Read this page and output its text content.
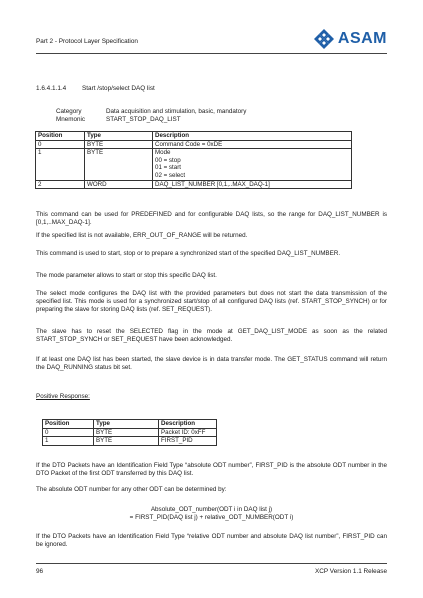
Part 2 - Protocol Layer Specification	ASAM
1.6.4.1.1.4 Start /stop/select DAQ list
Category	Data acquisition and stimulation, basic, mandatory
Mnemonic	START_STOP_DAQ_LIST
Position	Type	Description
0	BYTE	Command Code = 0xDE
1	BYTE	Mode
00 = stop
01 = start
02 = select

2	WORD	DAQ_LIST_NUMBER [0,1,..MAX_DAQ-1]
This command can be used for PREDEFINED and for configurable DAQ lists, so the range for DAQ_LIST_NUMBER is [0,1,..MAX_DAQ-1].
If the specified list is not available, ERR_OUT_OF_RANGE will be returned.
This command is used to start, stop or to prepare a synchronized start of the specified DAQ_LIST_NUMBER.
The mode parameter allows to start or stop this specific DAQ list.
The select mode configures the DAQ list with the provided parameters but does not start the data transmission of the specified list. This mode is used for a synchronized start/stop of all configured DAQ lists (ref. START_STOP_SYNCH) or for preparing the slave for storing DAQ lists (ref. SET_REQUEST).
The slave has to reset the SELECTED flag in the mode at GET_DAQ_LIST_MODE as soon as the related START_STOP_SYNCH or SET_REQUEST have been acknowledged.
If at least one DAQ list has been started, the slave device is in data transfer mode. The GET_STATUS command will return the DAQ_RUNNING status bit set.
Positive Response:
Position	Type	Description
0	BYTE	Packet ID: 0xFF
1	BYTE	FIRST_PID
If the DTO Packets have an Identification Field Type “absolute ODT number”, FIRST_PID is the absolute ODT number in the DTO Packet of the first ODT transferred by this DAQ list.
The absolute ODT number for any other ODT can be determined by:
Absolute_ODT_number(ODT i in DAQ list j)
= FIRST_PID(DAQ list j) + relative_ODT_NUMBER(ODT i)
If the DTO Packets have an Identification Field Type “relative ODT number and absolute DAQ list number”, FIRST_PID can be ignored.
96	XCP Version 1.1 Release
